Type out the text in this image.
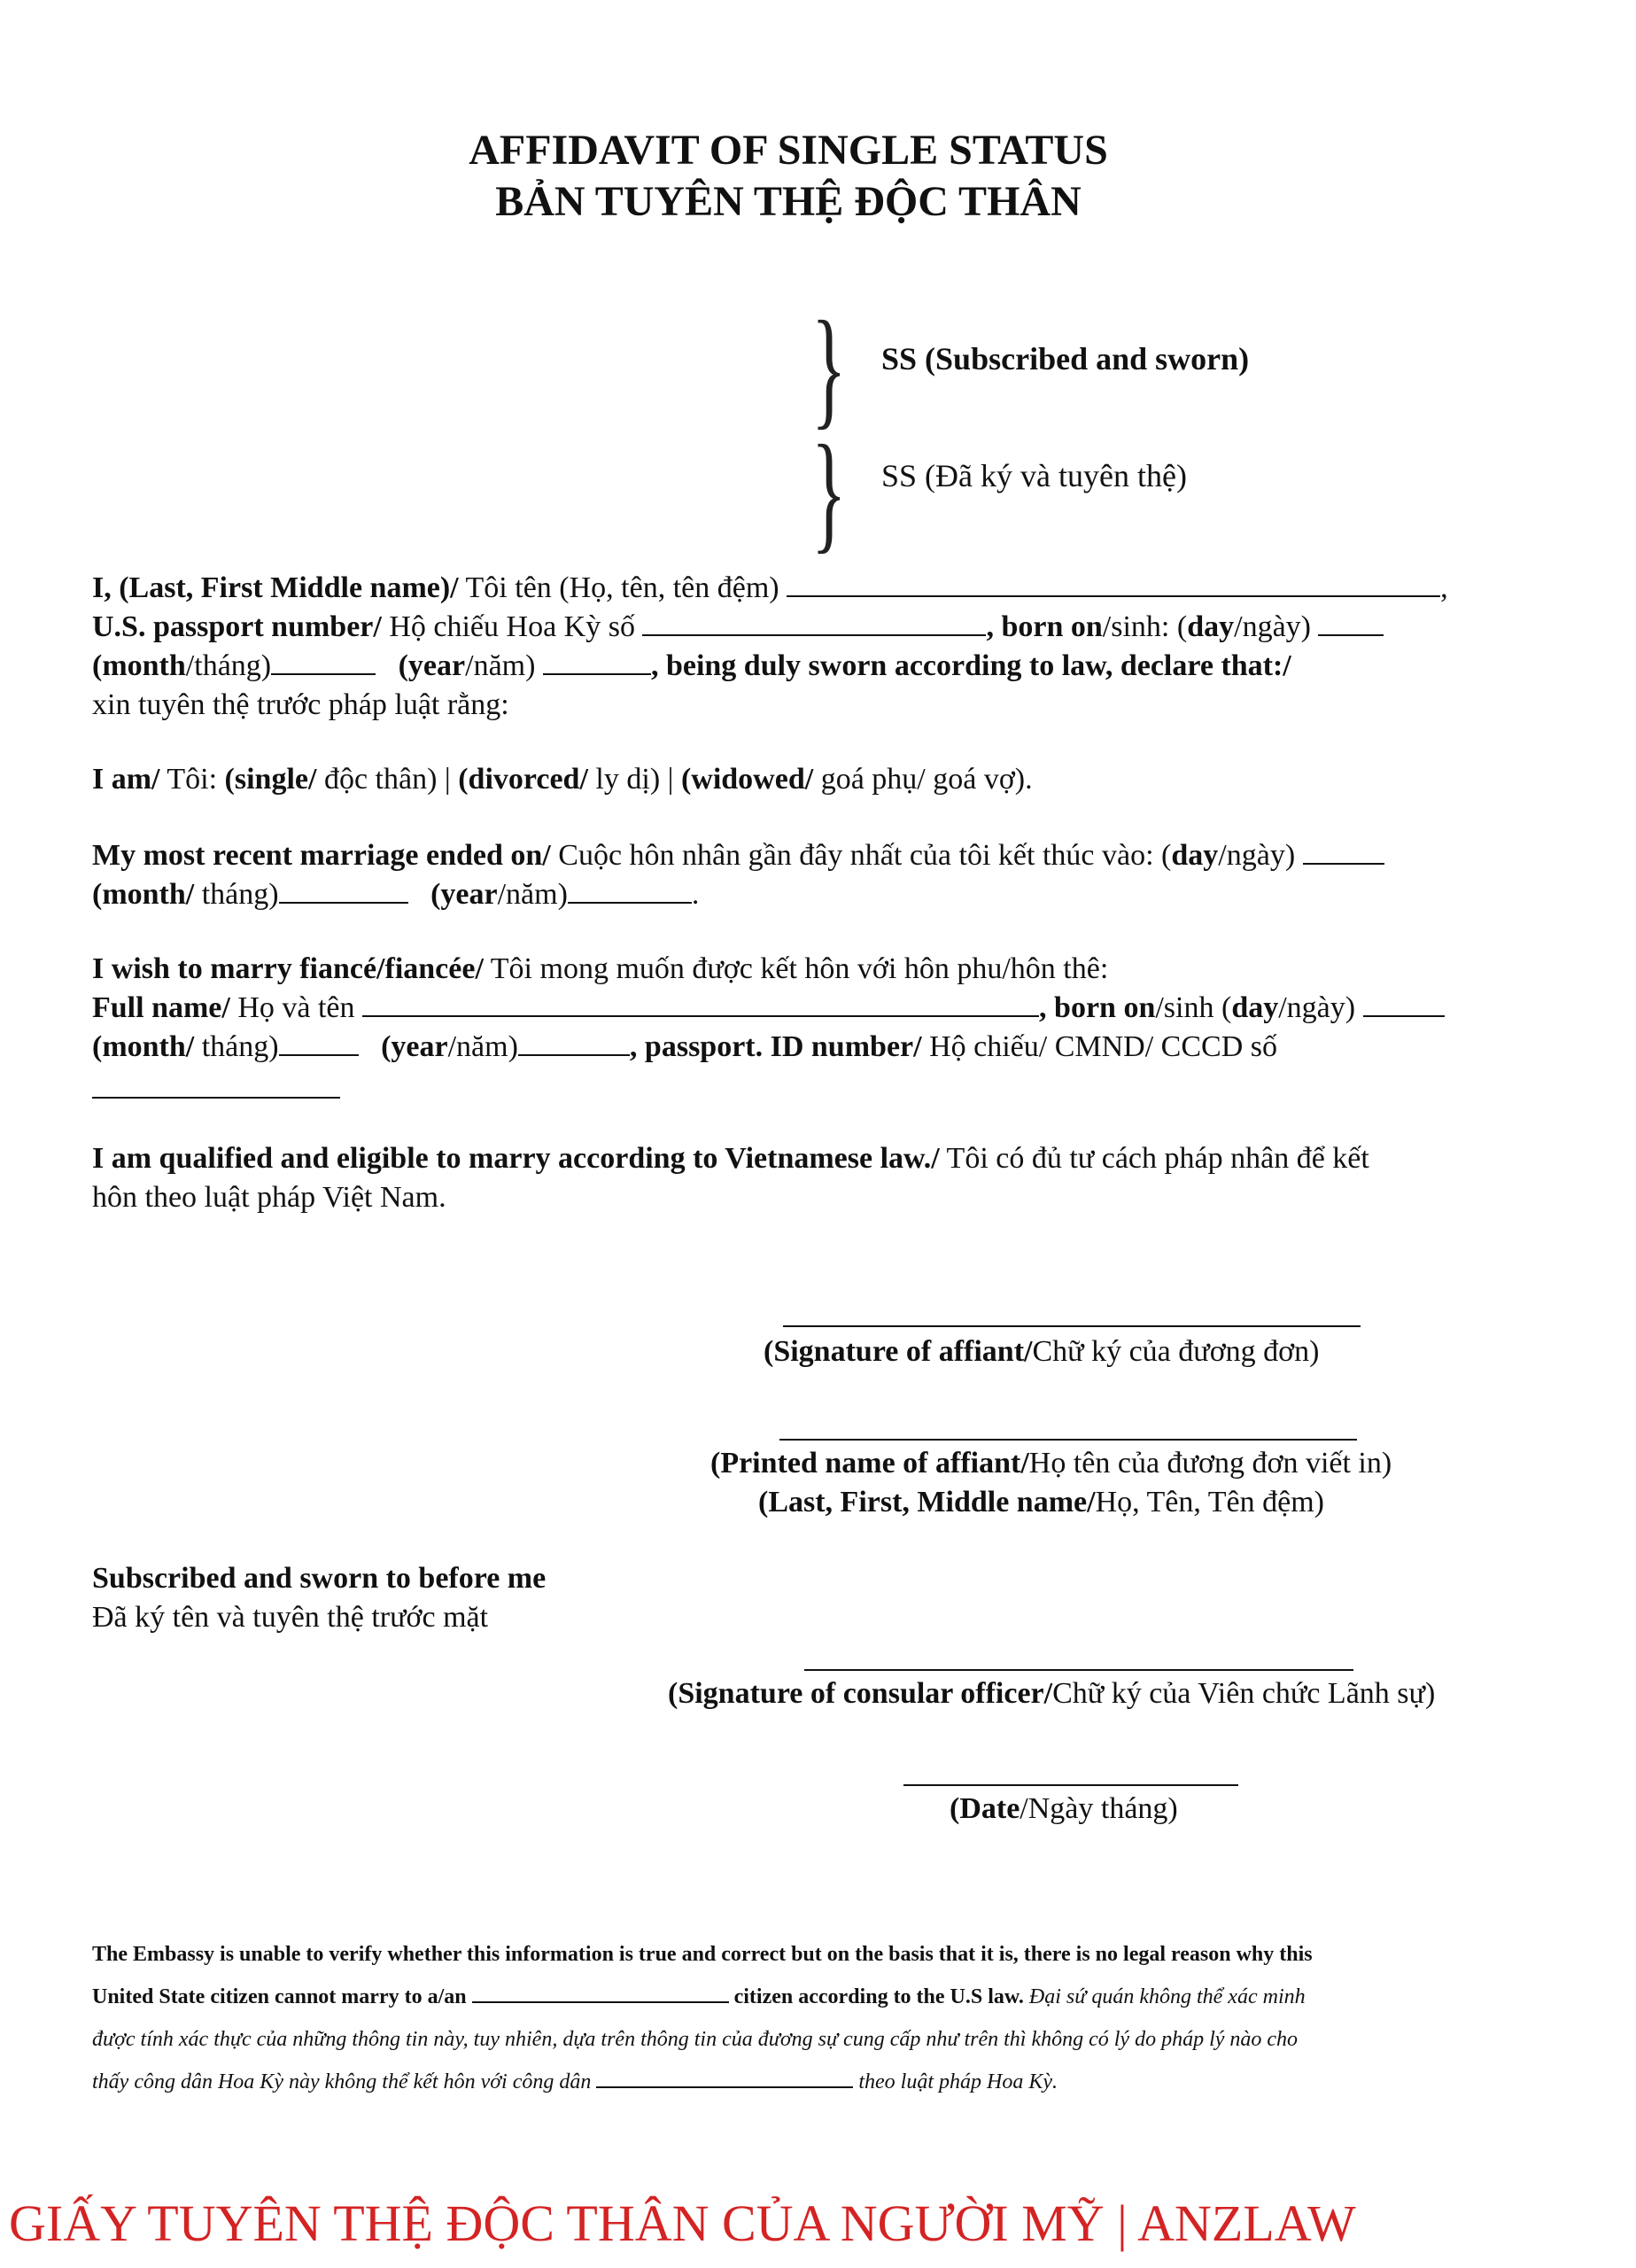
AFFIDAVIT OF SINGLE STATUS
BẢN TUYÊN THỆ ĐỘC THÂN
} SS (Subscribed and sworn)
} SS (Đã ký và tuyên thệ)
I, (Last, First Middle name)/ Tôi tên (Họ, tên, tên đệm)	,
U.S. passport number/ Hộ chiếu Hoa Kỳ số	, born on/sinh: (day/ngày)
(month/tháng)	(year/năm)	, being duly sworn according to law, declare that:/
xin tuyên thệ trước pháp luật rằng:
I am/ Tôi: (single/ độc thân) | (divorced/ ly dị) | (widowed/ goá phụ/ goá vợ).
My most recent marriage ended on/ Cuộc hôn nhân gần đây nhất của tôi kết thúc vào: (day/ngày)
(month/ tháng)	(year/năm)	.
I wish to marry fiancé/fiancée/ Tôi mong muốn được kết hôn với hôn phu/hôn thê:
Full name/ Họ và tên	, born on/sinh (day/ngày)
(month/ tháng)	(year/năm)	, passport. ID number/ Hộ chiếu/ CMND/ CCCD số
I am qualified and eligible to marry according to Vietnamese law./ Tôi có đủ tư cách pháp nhân để kết
hôn theo luật pháp Việt Nam.
(Signature of affiant/Chữ ký của đương đơn)
(Printed name of affiant/Họ tên của đương đơn viết in)
(Last, First, Middle name/Họ, Tên, Tên đệm)
Subscribed and sworn to before me
Đã ký tên và tuyên thệ trước mặt
(Signature of consular officer/Chữ ký của Viên chức Lãnh sự)
(Date/Ngày tháng)
The Embassy is unable to verify whether this information is true and correct but on the basis that it is, there is no legal reason why this
United State citizen cannot marry to a/an	citizen according to the U.S law. Đại sứ quán không thể xác minh
được tính xác thực của những thông tin này, tuy nhiên, dựa trên thông tin của đương sự cung cấp như trên thì không có lý do pháp lý nào cho
thấy công dân Hoa Kỳ này không thể kết hôn với công dân	theo luật pháp Hoa Kỳ.
GIẤY TUYÊN THỆ ĐỘC THÂN CỦA NGƯỜI MỸ | ANZLAW
